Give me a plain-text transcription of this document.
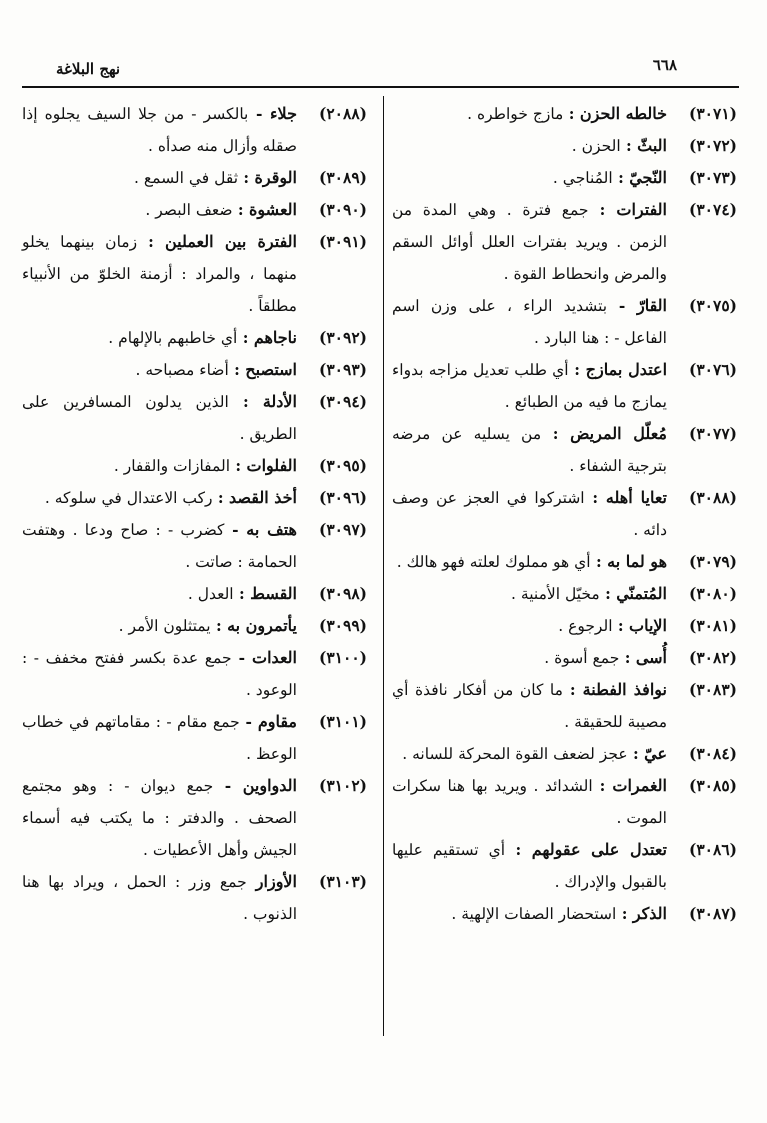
نهج البلاغة	٦٦٨
(٣٠٧١)
خالطه الحزن : مازج خواطره .
(٣٠٧٢)
البثّ : الحزن .
(٣٠٧٣)
النّجيّ : المُناجي .
(٣٠٧٤)
الفترات : جمع فترة . وهي المدة من الزمن . ويريد بفترات العلل أوائل السقم والمرض وانحطاط القوة .
(٣٠٧٥)
القارّ - بتشديد الراء ، على وزن اسم الفاعل - : هنا البارد .
(٣٠٧٦)
اعتدل بمازج : أي طلب تعديل مزاجه بدواء يمازج ما فيه من الطبائع .
(٣٠٧٧)
مُعلّل المريض : من يسليه عن مرضه بترجية الشفاء .
(٣٠٨٨)
تعايا أهله : اشتركوا في العجز عن وصف دائه .
(٣٠٧٩)
هو لما به : أي هو مملوك لعلته فهو هالك .
(٣٠٨٠)
المُتمنّي : مخيّل الأمنية .
(٣٠٨١)
الإياب : الرجوع .
(٣٠٨٢)
أُسى : جمع أسوة .
(٣٠٨٣)
نوافذ الفطنة : ما كان من أفكار نافذة أي مصيبة للحقيقة .
(٣٠٨٤)
عيّ : عجز لضعف القوة المحركة للسانه .
(٣٠٨٥)
الغمرات : الشدائد . ويريد بها هنا سكرات الموت .
(٣٠٨٦)
تعتدل على عقولهم : أي تستقيم عليها بالقبول والإدراك .
(٣٠٨٧)
الذكر : استحضار الصفات الإلهية .
(٢٠٨٨)
جلاء - بالكسر - من جلا السيف يجلوه إذا صقله وأزال منه صدأه .
(٣٠٨٩)
الوقرة : ثقل في السمع .
(٣٠٩٠)
العشوة : ضعف البصر .
(٣٠٩١)
الفترة بين العملين : زمان بينهما يخلو منهما ، والمراد : أزمنة الخلوّ من الأنبياء مطلقاً .
(٣٠٩٢)
ناجاهم : أي خاطبهم بالإلهام .
(٣٠٩٣)
استصبح : أضاء مصباحه .
(٣٠٩٤)
الأدلة : الذين يدلون المسافرين على الطريق .
(٣٠٩٥)
الفلوات : المفازات والقفار .
(٣٠٩٦)
أخذ القصد : ركب الاعتدال في سلوكه .
(٣٠٩٧)
هتف به - كضرب - : صاح ودعا . وهتفت الحمامة : صاتت .
(٣٠٩٨)
القسط : العدل .
(٣٠٩٩)
يأتمرون به : يمتثلون الأمر .
(٣١٠٠)
العدات - جمع عدة بكسر ففتح مخفف - : الوعود .
(٣١٠١)
مقاوم - جمع مقام - : مقاماتهم في خطاب الوعظ .
(٣١٠٢)
الدواوين - جمع ديوان - : وهو مجتمع الصحف . والدفتر : ما يكتب فيه أسماء الجيش وأهل الأعطيات .
(٣١٠٣)
الأوزار جمع وزر : الحمل ، ويراد بها هنا الذنوب .
